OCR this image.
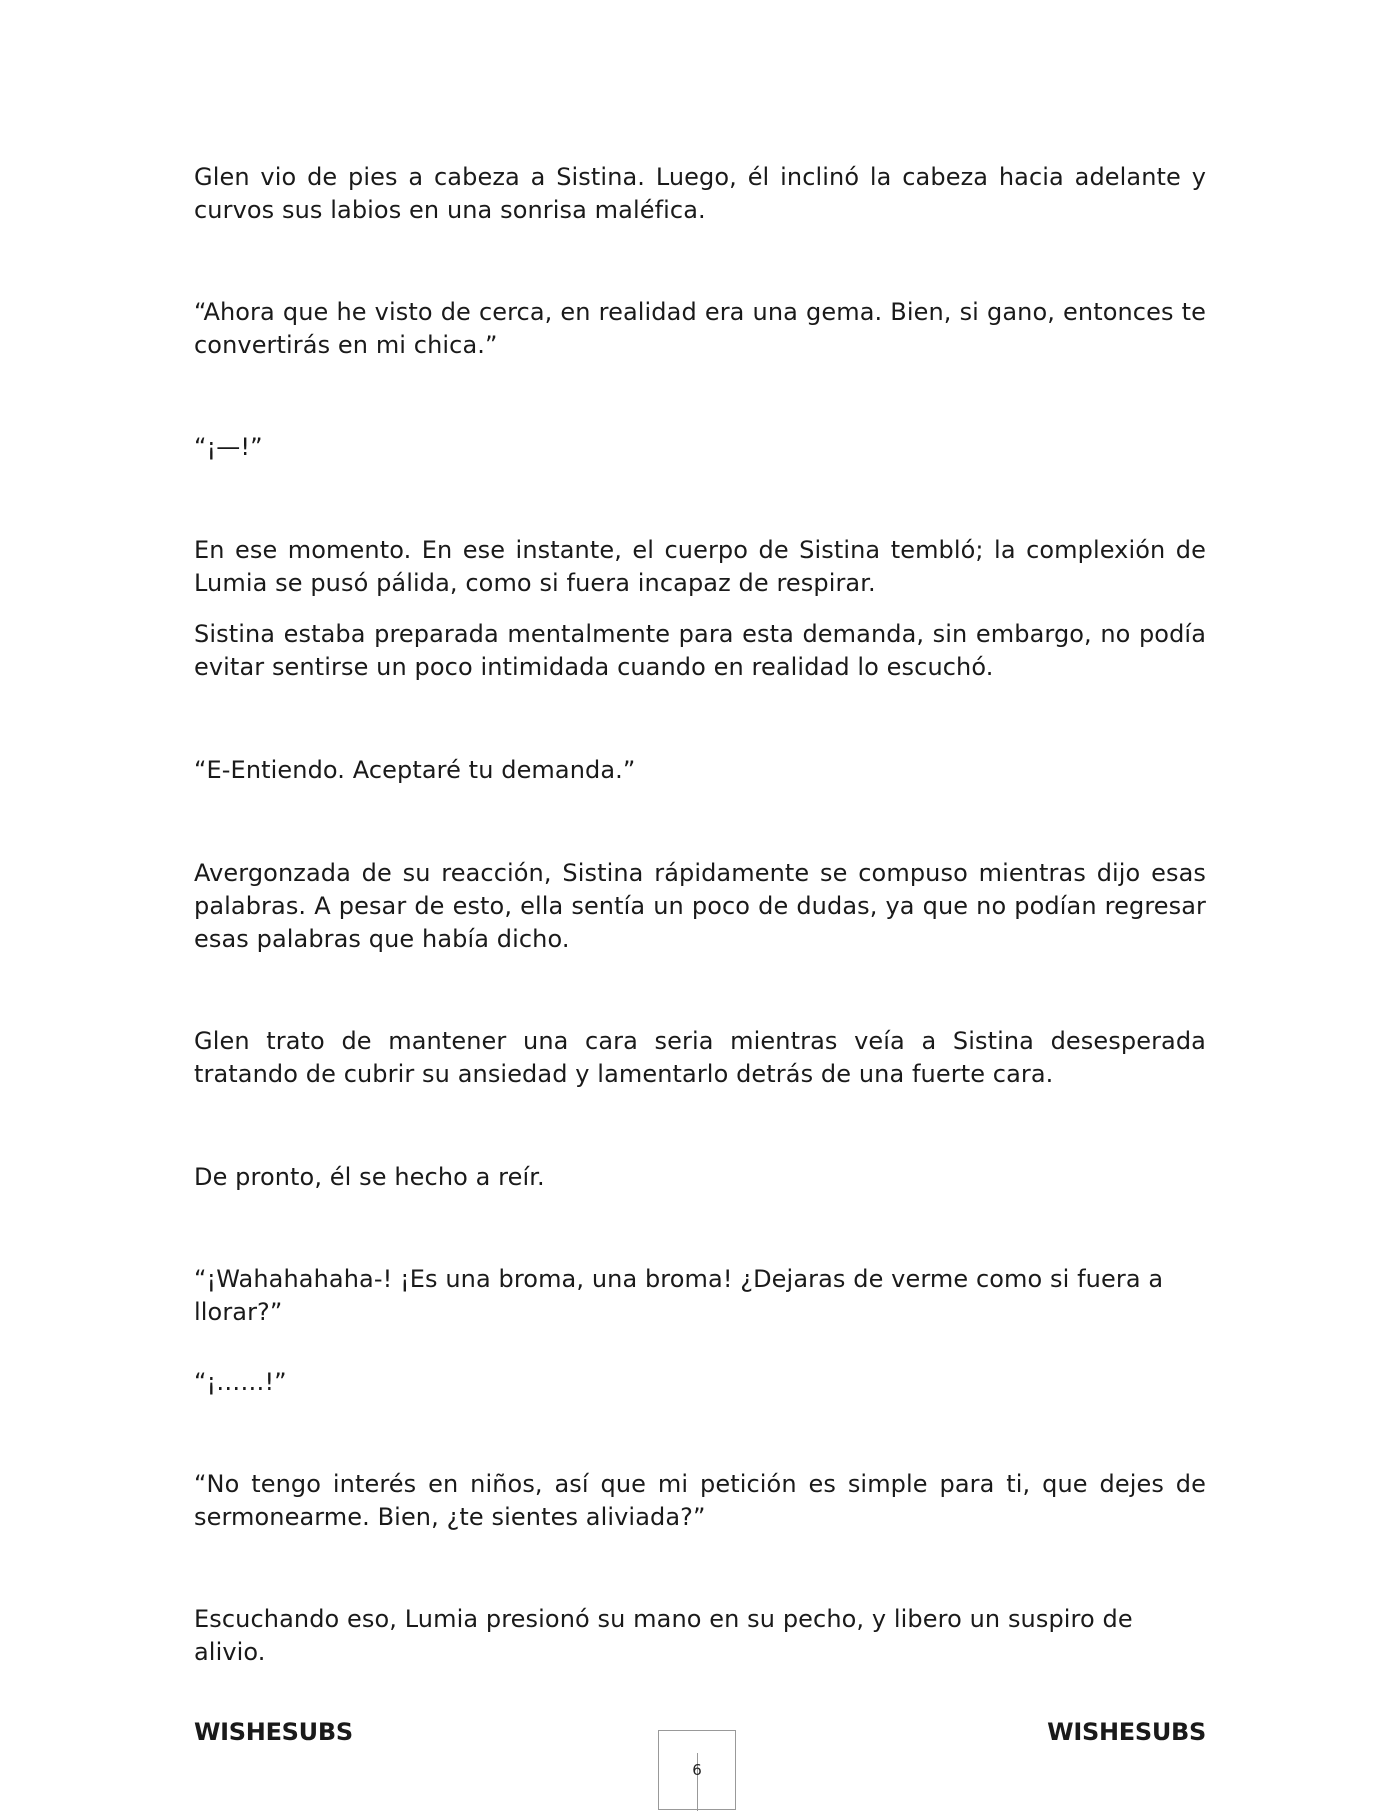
Glen vio de pies a cabeza a Sistina. Luego, él inclinó la cabeza hacia adelante y curvos sus labios en una sonrisa maléfica.

“Ahora que he visto de cerca, en realidad era una gema. Bien, si gano, entonces te convertirás en mi chica.”

“¡—!”

En ese momento. En ese instante, el cuerpo de Sistina tembló; la complexión de Lumia se pusó pálida, como si fuera incapaz de respirar.

Sistina estaba preparada mentalmente para esta demanda, sin embargo, no podía evitar sentirse un poco intimidada cuando en realidad lo escuchó.

“E-Entiendo. Aceptaré tu demanda.”

Avergonzada de su reacción, Sistina rápidamente se compuso mientras dijo esas palabras. A pesar de esto, ella sentía un poco de dudas, ya que no podían regresar esas palabras que había dicho.

Glen trato de mantener una cara seria mientras veía a Sistina desesperada tratando de cubrir su ansiedad y lamentarlo detrás de una fuerte cara.

De pronto, él se hecho a reír.

“¡Wahahahaha-! ¡Es una broma, una broma! ¿Dejaras de verme como si fuera a llorar?”

“¡……!”

“No tengo interés en niños, así que mi petición es simple para ti, que dejes de sermonearme. Bien, ¿te sientes aliviada?”

Escuchando eso, Lumia presionó su mano en su pecho, y libero un suspiro de alivio.

WISHESUBS	WISHESUBS
6
